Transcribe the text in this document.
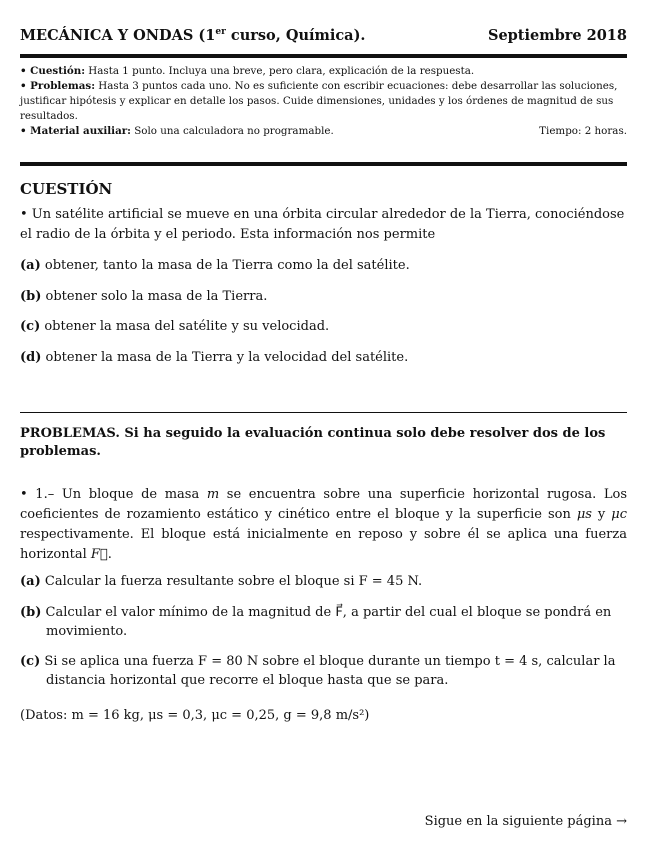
MECÁNICA Y ONDAS (1er curso, Química).	Septiembre 2018
• Cuestión: Hasta 1 punto. Incluya una breve, pero clara, explicación de la respuesta.
• Problemas: Hasta 3 puntos cada uno. No es suficiente con escribir ecuaciones: debe desarrollar las soluciones, justificar hipótesis y explicar en detalle los pasos. Cuide dimensiones, unidades y los órdenes de magnitud de sus resultados.
• Material auxiliar: Solo una calculadora no programable.	Tiempo: 2 horas.
CUESTIÓN
• Un satélite artificial se mueve en una órbita circular alrededor de la Tierra, conociéndose el radio de la órbita y el periodo. Esta información nos permite
(a) obtener, tanto la masa de la Tierra como la del satélite.
(b) obtener solo la masa de la Tierra.
(c) obtener la masa del satélite y su velocidad.
(d) obtener la masa de la Tierra y la velocidad del satélite.
PROBLEMAS. Si ha seguido la evaluación continua solo debe resolver dos de los problemas.
• 1.– Un bloque de masa m se encuentra sobre una superficie horizontal rugosa. Los coeficientes de rozamiento estático y cinético entre el bloque y la superficie son μs y μc respectivamente. El bloque está inicialmente en reposo y sobre él se aplica una fuerza horizontal F⃗.
(a) Calcular la fuerza resultante sobre el bloque si F = 45 N.
(b) Calcular el valor mínimo de la magnitud de F⃗, a partir del cual el bloque se pondrá en movimiento.
(c) Si se aplica una fuerza F = 80 N sobre el bloque durante un tiempo t = 4 s, calcular la distancia horizontal que recorre el bloque hasta que se para.
(Datos: m = 16 kg, μs = 0,3, μc = 0,25, g = 9,8 m/s²)
Sigue en la siguiente página →
